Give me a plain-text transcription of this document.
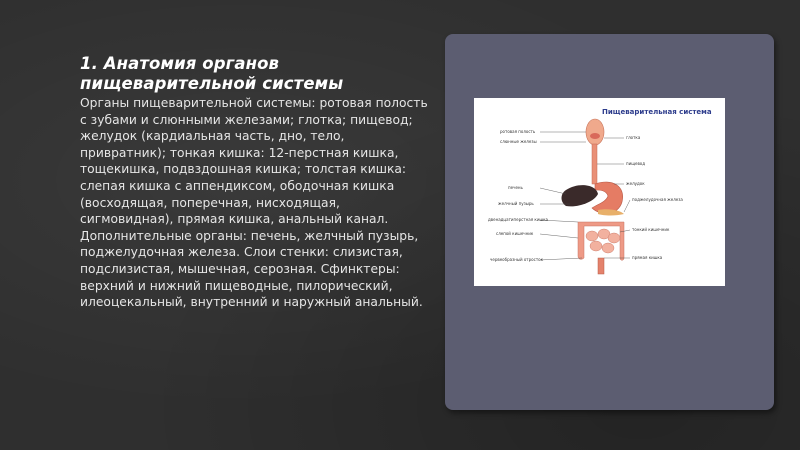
1. Анатомия органов пищеварительной системы
Органы пищеварительной системы: ротовая полость с зубами и слюнными железами; глотка; пищевод; желудок (кардиальная часть, дно, тело, привратник); тонкая кишка: 12-перстная кишка, тощекишка, подвздошная кишка; толстая кишка: слепая кишка с аппендиксом, ободочная кишка (восходящая, поперечная, нисходящая, сигмовидная), прямая кишка, анальный канал. Дополнительные органы: печень, желчный пузырь, поджелудочная железа. Слои стенки: слизистая, подслизистая, мышечная, серозная. Сфинктеры: верхний и нижний пищеводные, пилорический, илеоцекальный, внутренний и наружный анальный.
Пищеварительная система
ротовая полость
слюнные железы
печень
желчный пузырь
двенадцатиперстная кишка
слепой кишечник
червеобразный отросток
глотка
пищевод
желудок
поджелудочная железа
тонкий кишечник
прямая кишка
